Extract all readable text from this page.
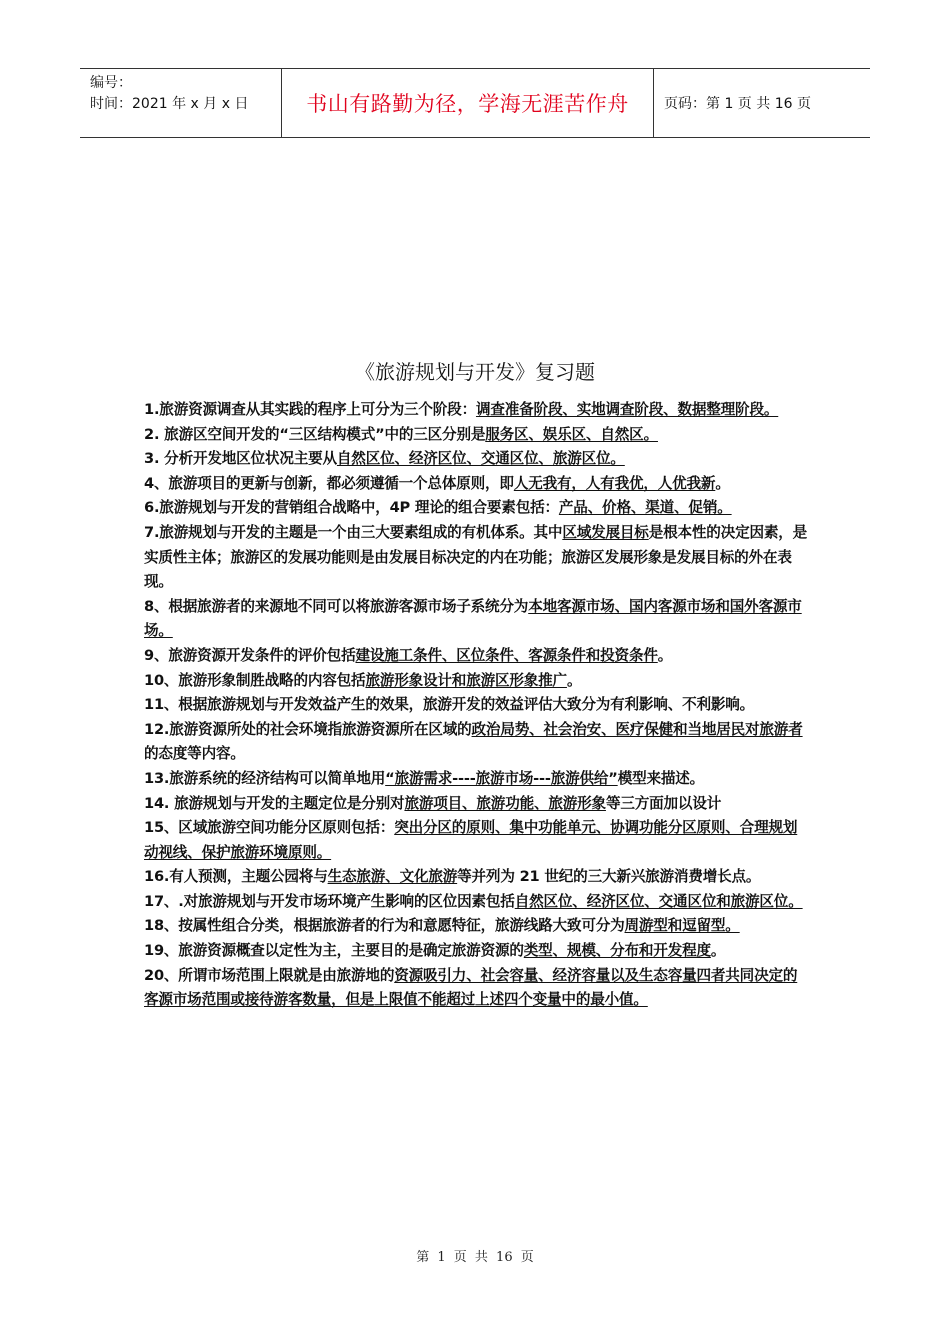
编号：
时间：2021 年 x 月 x 日	书山有路勤为径，学海无涯苦作舟	页码：第 1 页 共 16 页
《旅游规划与开发》复习题

1.旅游资源调查从其实践的程序上可分为三个阶段：调查准备阶段、实地调查阶段、数据整理阶段。

2. 旅游区空间开发的“三区结构模式”中的三区分别是服务区、娱乐区、自然区。

3. 分析开发地区位状况主要从自然区位、经济区位、交通区位、旅游区位。

4、旅游项目的更新与创新，都必须遵循一个总体原则，即人无我有，人有我优，人优我新。

6.旅游规划与开发的营销组合战略中，4P 理论的组合要素包括：产品、价格、渠道、促销。

7.旅游规划与开发的主题是一个由三大要素组成的有机体系。其中区域发展目标是根本性的决定因素，是实质性主体；旅游区的发展功能则是由发展目标决定的内在功能；旅游区发展形象是发展目标的外在表现。

8、根据旅游者的来源地不同可以将旅游客源市场子系统分为本地客源市场、国内客源市场和国外客源市场。

9、旅游资源开发条件的评价包括建设施工条件、区位条件、客源条件和投资条件。

10、旅游形象制胜战略的内容包括旅游形象设计和旅游区形象推广。

11、根据旅游规划与开发效益产生的效果，旅游开发的效益评估大致分为有利影响、不利影响。

12.旅游资源所处的社会环境指旅游资源所在区域的政治局势、社会治安、医疗保健和当地居民对旅游者的态度等内容。

13.旅游系统的经济结构可以简单地用“旅游需求----旅游市场---旅游供给”模型来描述。

14. 旅游规划与开发的主题定位是分别对旅游项目、旅游功能、旅游形象等三方面加以设计

15、区域旅游空间功能分区原则包括：突出分区的原则、集中功能单元、协调功能分区原则、合理规划动视线、保护旅游环境原则。

16.有人预测，主题公园将与生态旅游、文化旅游等并列为 21 世纪的三大新兴旅游消费增长点。

17、.对旅游规划与开发市场环境产生影响的区位因素包括自然区位、经济区位、交通区位和旅游区位。

18、按属性组合分类，根据旅游者的行为和意愿特征，旅游线路大致可分为周游型和逗留型。

19、旅游资源概查以定性为主，主要目的是确定旅游资源的类型、规模、分布和开发程度。

20、所谓市场范围上限就是由旅游地的资源吸引力、社会容量、经济容量以及生态容量四者共同决定的客源市场范围或接待游客数量，但是上限值不能超过上述四个变量中的最小值。

第 1 页 共 16 页
